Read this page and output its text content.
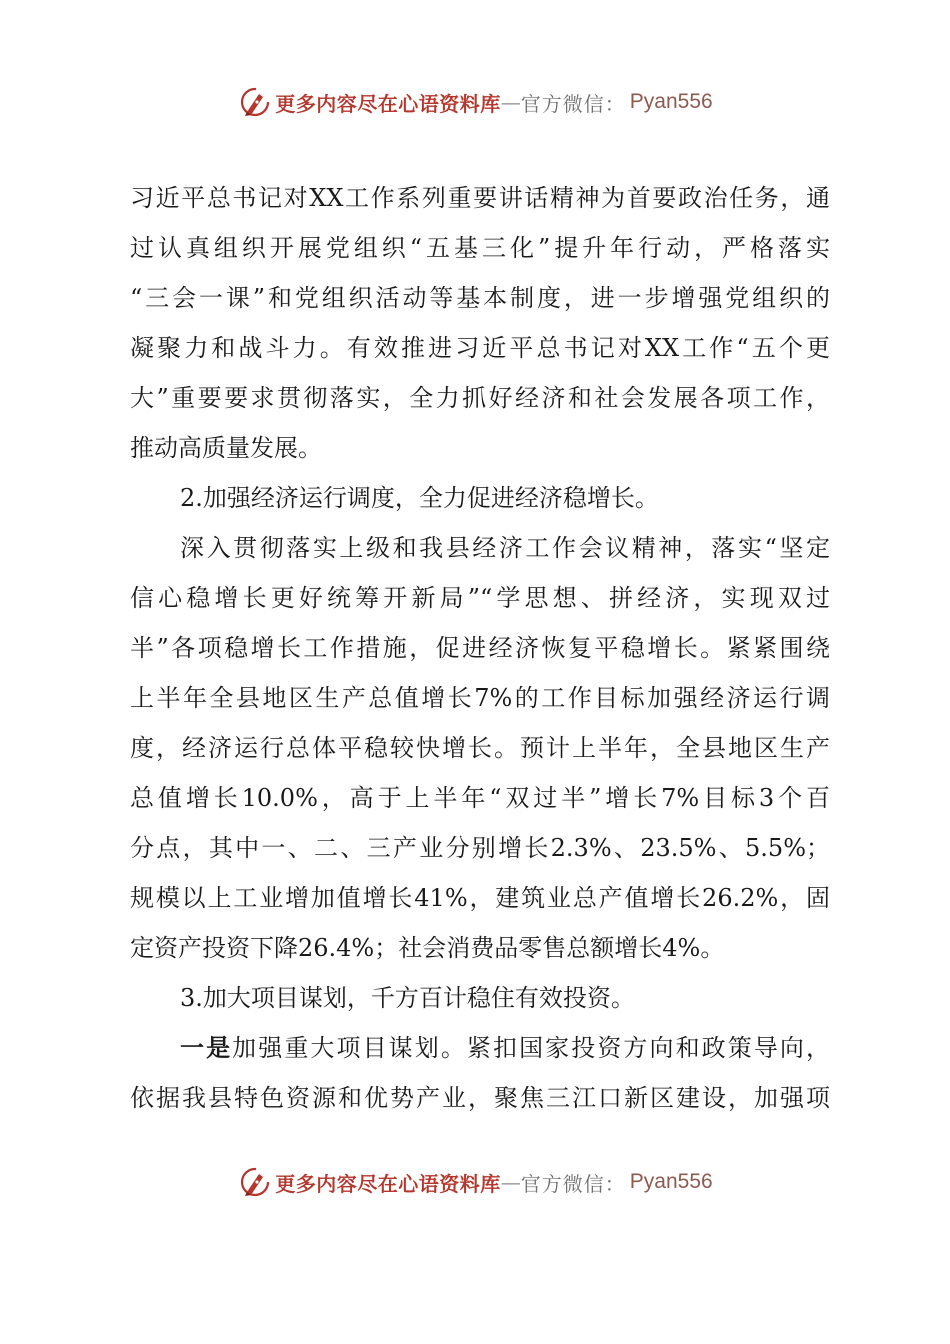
更多内容尽在心语资料库 — 官方微信： Pyan556
习近平总书记对XX工作系列重要讲话精神为首要政治任务，通
过认真组织开展党组织“五基三化”提升年行动，严格落实
“三会一课”和党组织活动等基本制度，进一步增强党组织的
凝聚力和战斗力。有效推进习近平总书记对XX工作“五个更
大”重要要求贯彻落实，全力抓好经济和社会发展各项工作，
推动高质量发展。
2.加强经济运行调度，全力促进经济稳增长。
深入贯彻落实上级和我县经济工作会议精神，落实“坚定
信心稳增长更好统筹开新局”“学思想、拼经济，实现双过
半”各项稳增长工作措施，促进经济恢复平稳增长。紧紧围绕
上半年全县地区生产总值增长7%的工作目标加强经济运行调
度，经济运行总体平稳较快增长。预计上半年，全县地区生产
总值增长10.0%，高于上半年“双过半”增长7%目标3个百
分点，其中一、二、三产业分别增长2.3%、23.5%、5.5%；
规模以上工业增加值增长41%，建筑业总产值增长26.2%，固
定资产投资下降26.4%；社会消费品零售总额增长4%。
3.加大项目谋划，千方百计稳住有效投资。
一是加强重大项目谋划。紧扣国家投资方向和政策导向，
依据我县特色资源和优势产业，聚焦三江口新区建设，加强项
更多内容尽在心语资料库 — 官方微信： Pyan556
